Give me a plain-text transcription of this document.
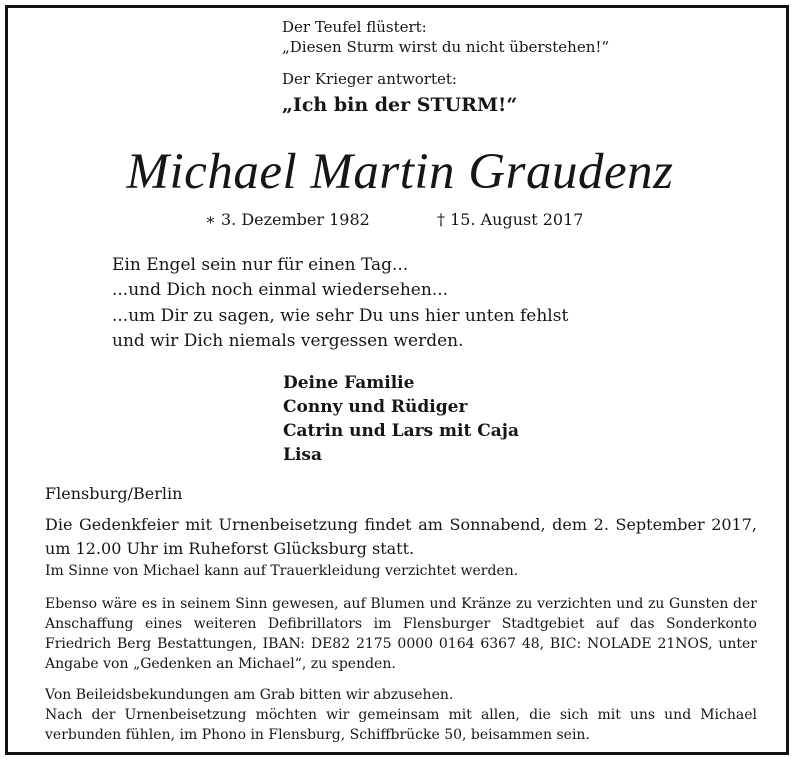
Der Teufel flüstert:
„Diesen Sturm wirst du nicht überstehen!“
Der Krieger antwortet:
„Ich bin der STURM!“
Michael Martin Graudenz
∗ 3. Dezember 1982	† 15. August 2017
Ein Engel sein nur für einen Tag...
...und Dich noch einmal wiedersehen...
...um Dir zu sagen, wie sehr Du uns hier unten fehlst
und wir Dich niemals vergessen werden.
Deine Familie
Conny und Rüdiger
Catrin und Lars mit Caja
Lisa
Flensburg/Berlin

Die Gedenkfeier mit Urnenbeisetzung findet am Sonnabend, dem 2. September 2017, um 12.00 Uhr im Ruheforst Glücksburg statt.

Im Sinne von Michael kann auf Trauerkleidung verzichtet werden.

Ebenso wäre es in seinem Sinn gewesen, auf Blumen und Kränze zu verzichten und zu Gunsten der Anschaffung eines weiteren Defibrillators im Flensburger Stadtgebiet auf das Sonderkonto Friedrich Berg Bestattungen, IBAN: DE82 2175 0000 0164 6367 48, BIC: NOLADE 21NOS, unter Angabe von „Gedenken an Michael“, zu spenden.

Von Beileidsbekundungen am Grab bitten wir abzusehen.

Nach der Urnenbeisetzung möchten wir gemeinsam mit allen, die sich mit uns und Michael verbunden fühlen, im Phono in Flensburg, Schiffbrücke 50, beisammen sein.
